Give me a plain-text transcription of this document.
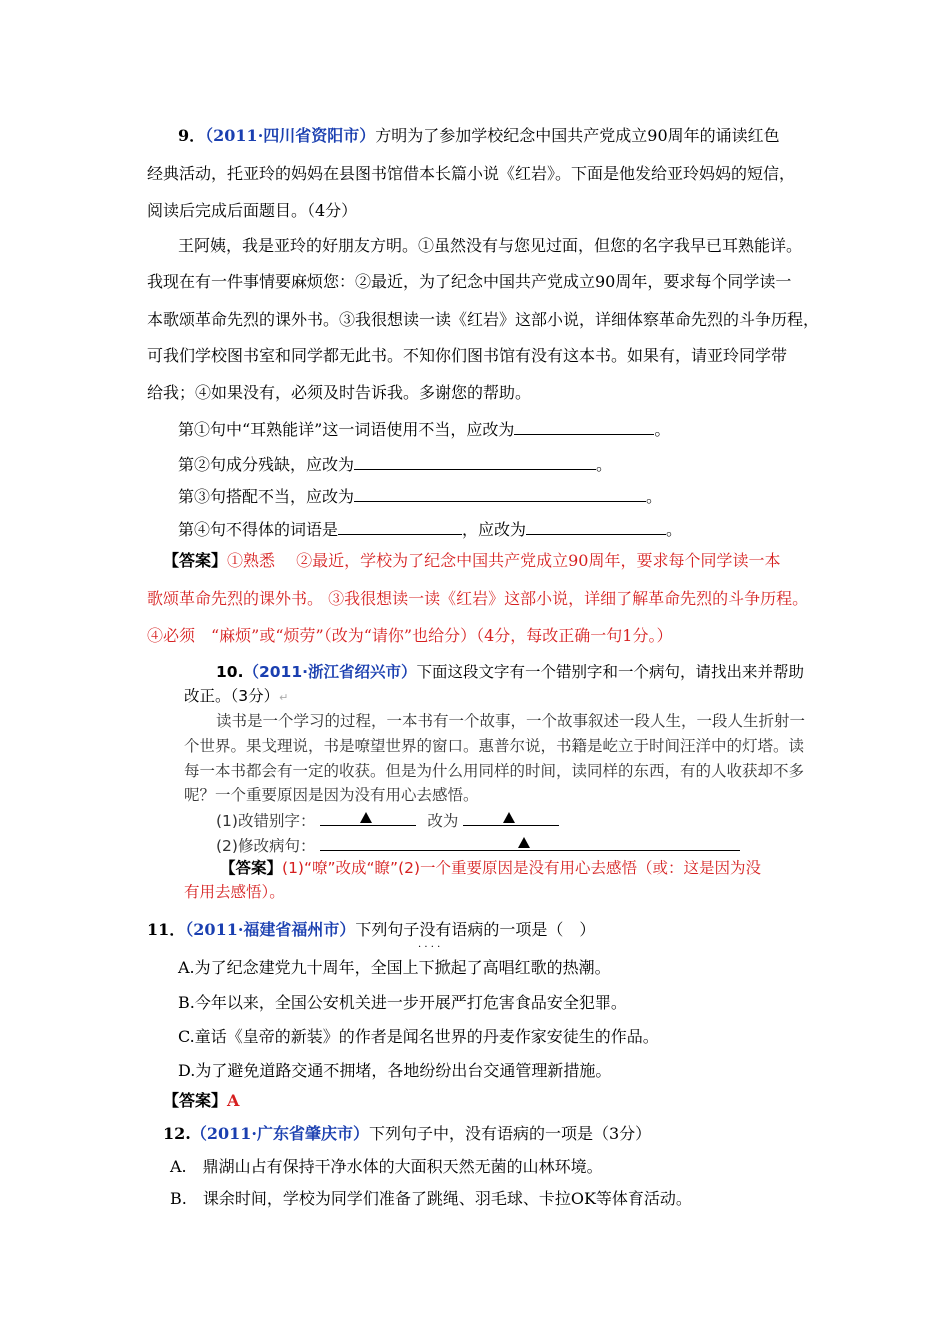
9．（2011·四川省资阳市）方明为了参加学校纪念中国共产党成立90周年的诵读红色
经典活动，托亚玲的妈妈在县图书馆借本长篇小说《红岩》。下面是他发给亚玲妈妈的短信，
阅读后完成后面题目。（4分）
王阿姨，我是亚玲的好朋友方明。①虽然没有与您见过面，但您的名字我早已耳熟能详。
我现在有一件事情要麻烦您：②最近，为了纪念中国共产党成立90周年，要求每个同学读一
本歌颂革命先烈的课外书。③我很想读一读《红岩》这部小说，详细体察革命先烈的斗争历程，
可我们学校图书室和同学都无此书。不知你们图书馆有没有这本书。如果有，请亚玲同学带
给我；④如果没有，必须及时告诉我。多谢您的帮助。
第①句中“耳熟能详”这一词语使用不当，应改为	。
第②句成分残缺，应改为	。
第③句搭配不当，应改为	。
第④句不得体的词语是	，应改为	。
【答案】①熟悉　 ②最近，学校为了纪念中国共产党成立90周年，要求每个同学读一本
歌颂革命先烈的课外书。 ③我很想读一读《红岩》这部小说，详细了解革命先烈的斗争历程。
④必须　“麻烦”或“烦劳”（改为“请你”也给分）（4分，每改正确一句1分。）
10.（2011·浙江省绍兴市）下面这段文字有一个错别字和一个病句，请找出来并帮助
改正。（3分）↵
读书是一个学习的过程，一本书有一个故事，一个故事叙述一段人生，一段人生折射一
个世界。果戈理说，书是嘹望世界的窗口。惠普尔说，书籍是屹立于时间汪洋中的灯塔。读
每一本书都会有一定的收获。但是为什么用同样的时间，读同样的东西，有的人收获却不多
呢？一个重要原因是因为没有用心去感悟。
(1)改错别字：	改为
(2)修改病句：
【答案】(1)“嘹”改成“瞭”(2)一个重要原因是没有用心去感悟（或：这是因为没
有用去感悟）。
11．（2011·福建省福州市）下列句子没有语病的一项是（　）
· · · ·
A.为了纪念建党九十周年，全国上下掀起了高唱红歌的热潮。
B.今年以来，全国公安机关进一步开展严打危害食品安全犯罪。
C.童话《皇帝的新装》的作者是闻名世界的丹麦作家安徒生的作品。
D.为了避免道路交通不拥堵，各地纷纷出台交通管理新措施。
【答案】A
12.（2011·广东省肇庆市）下列句子中，没有语病的一项是（3分）
A.　鼎湖山占有保持干净水体的大面积天然无菌的山林环境。
B.　课余时间，学校为同学们准备了跳绳、羽毛球、卡拉OK等体育活动。
